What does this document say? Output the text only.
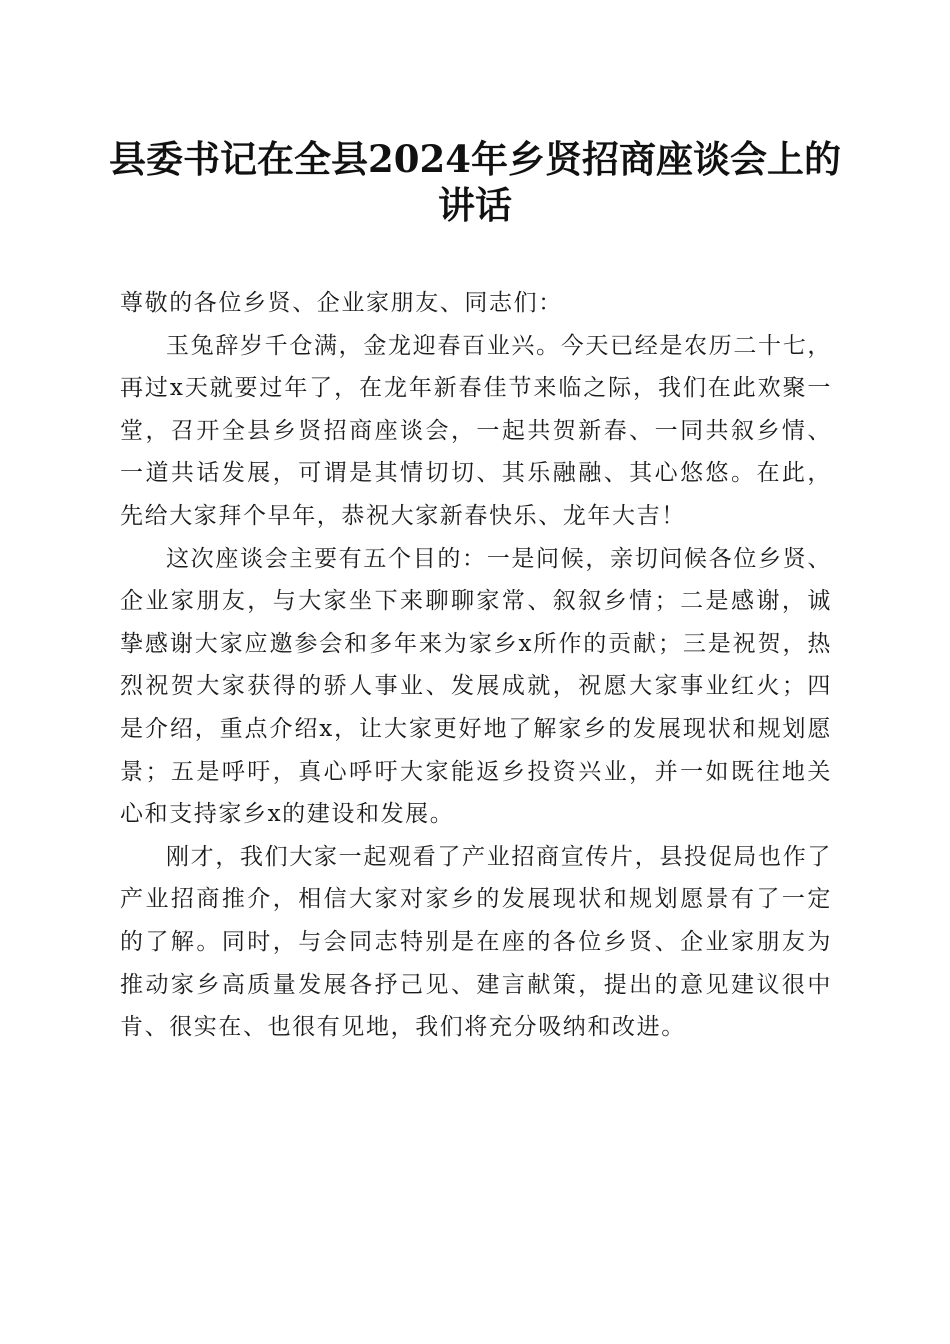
县委书记在全县2024年乡贤招商座谈会上的讲话

尊敬的各位乡贤、企业家朋友、同志们：

玉兔辞岁千仓满，金龙迎春百业兴。今天已经是农历二十七，再过x天就要过年了，在龙年新春佳节来临之际，我们在此欢聚一堂，召开全县乡贤招商座谈会，一起共贺新春、一同共叙乡情、一道共话发展，可谓是其情切切、其乐融融、其心悠悠。在此，先给大家拜个早年，恭祝大家新春快乐、龙年大吉！

这次座谈会主要有五个目的：一是问候，亲切问候各位乡贤、企业家朋友，与大家坐下来聊聊家常、叙叙乡情；二是感谢，诚挚感谢大家应邀参会和多年来为家乡x所作的贡献；三是祝贺，热烈祝贺大家获得的骄人事业、发展成就，祝愿大家事业红火；四是介绍，重点介绍x，让大家更好地了解家乡的发展现状和规划愿景；五是呼吁，真心呼吁大家能返乡投资兴业，并一如既往地关心和支持家乡x的建设和发展。

刚才，我们大家一起观看了产业招商宣传片，县投促局也作了产业招商推介，相信大家对家乡的发展现状和规划愿景有了一定的了解。同时，与会同志特别是在座的各位乡贤、企业家朋友为推动家乡高质量发展各抒己见、建言献策，提出的意见建议很中肯、很实在、也很有见地，我们将充分吸纳和改进。
